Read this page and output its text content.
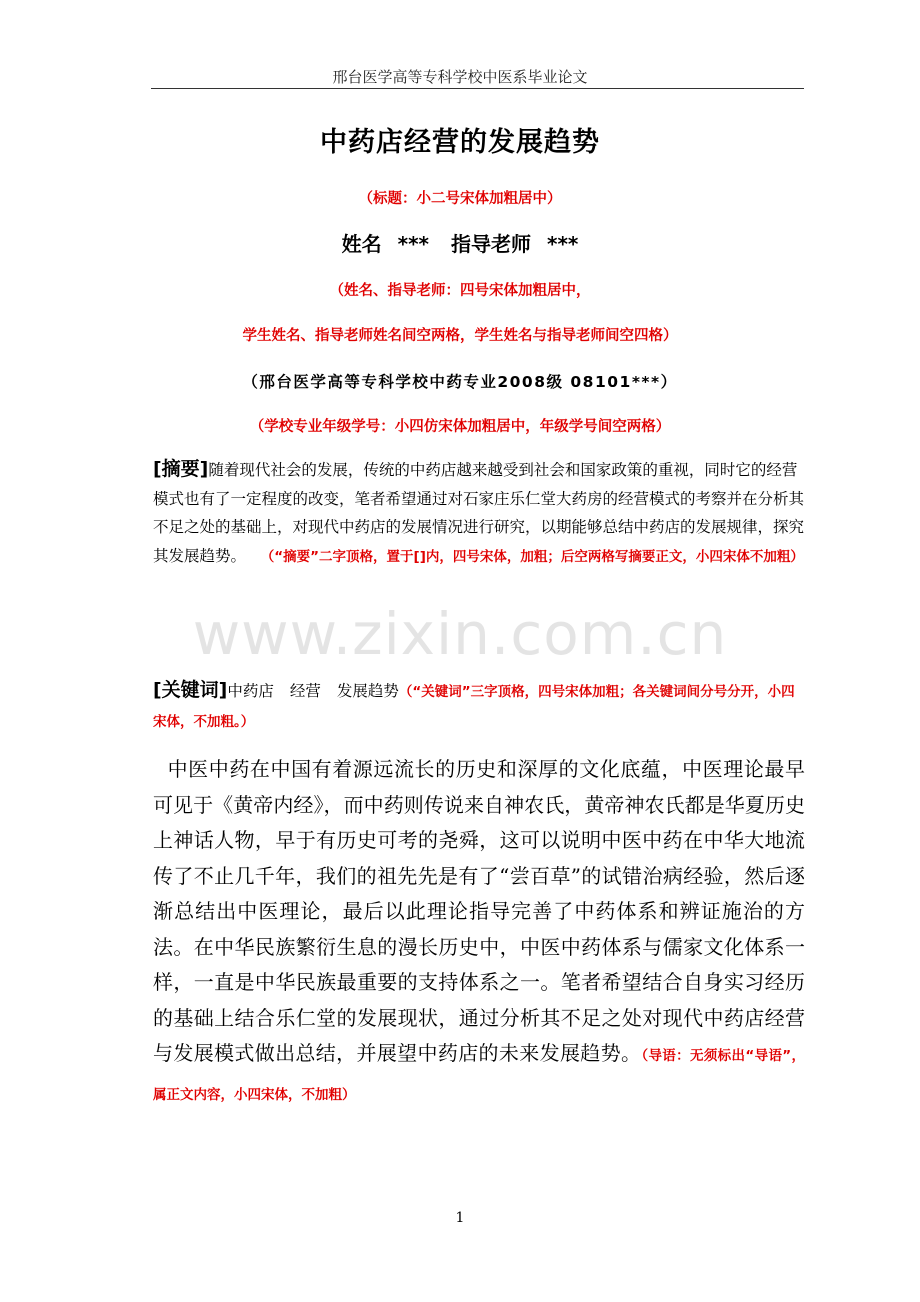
邢台医学高等专科学校中医系毕业论文
中药店经营的发展趋势
（标题：小二号宋体加粗居中）
姓名 *** 指导老师 ***
（姓名、指导老师：四号宋体加粗居中，
学生姓名、指导老师姓名间空两格，学生姓名与指导老师间空四格）
（邢台医学高等专科学校中药专业2008级 08101***）
（学校专业年级学号：小四仿宋体加粗居中，年级学号间空两格）
[摘要]随着现代社会的发展，传统的中药店越来越受到社会和国家政策的重视，同时它的经营模式也有了一定程度的改变，笔者希望通过对石家庄乐仁堂大药房的经营模式的考察并在分析其不足之处的基础上，对现代中药店的发展情况进行研究，以期能够总结中药店的发展规律，探究其发展趋势。 （“摘要”二字顶格，置于[]内，四号宋体，加粗；后空两格写摘要正文，小四宋体不加粗）
www.zixin.com.cn
[关键词]中药店 经营 发展趋势（“关键词”三字顶格，四号宋体加粗；各关键词间分号分开，小四宋体，不加粗。）
中医中药在中国有着源远流长的历史和深厚的文化底蕴，中医理论最早可见于《黄帝内经》，而中药则传说来自神农氏，黄帝神农氏都是华夏历史上神话人物，早于有历史可考的尧舜，这可以说明中医中药在中华大地流传了不止几千年，我们的祖先先是有了“尝百草”的试错治病经验，然后逐渐总结出中医理论，最后以此理论指导完善了中药体系和辨证施治的方法。在中华民族繁衍生息的漫长历史中，中医中药体系与儒家文化体系一样，一直是中华民族最重要的支持体系之一。笔者希望结合自身实习经历的基础上结合乐仁堂的发展现状，通过分析其不足之处对现代中药店经营与发展模式做出总结，并展望中药店的未来发展趋势。（导语：无须标出“导语”，属正文内容，小四宋体，不加粗）
1
